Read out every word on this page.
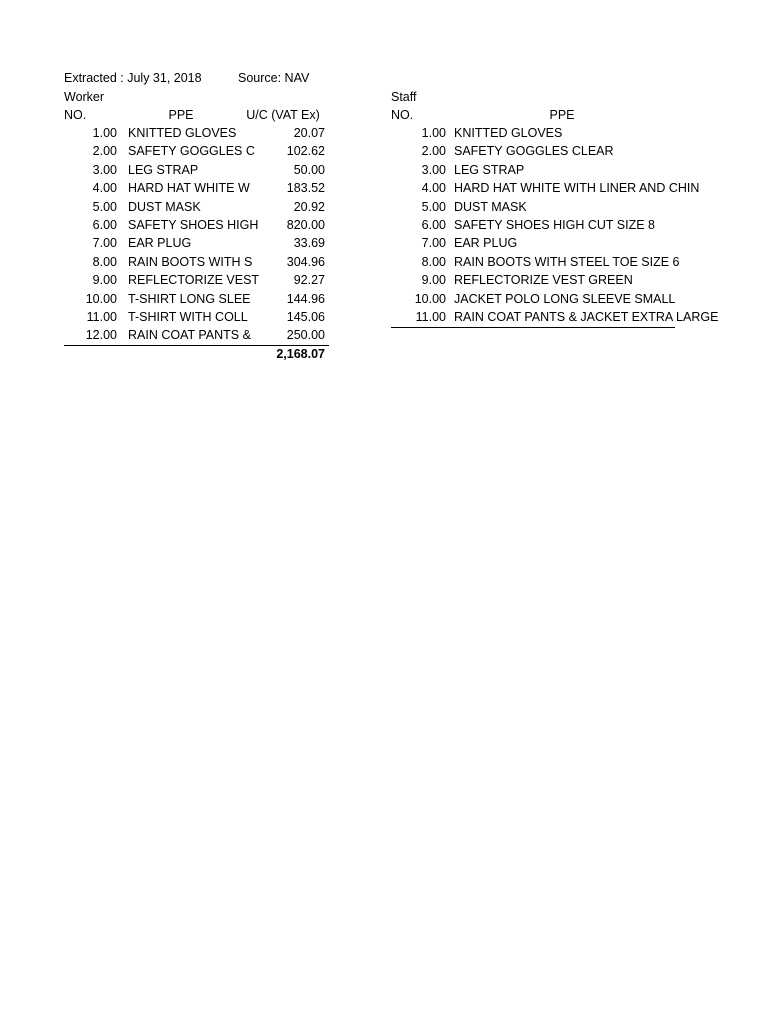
Extracted : July 31, 2018	Source: NAV
Worker
NO.	PPE	U/C (VAT Ex)
1.00 KNITTED GLOVES	20.07
2.00 SAFETY GOGGLES C	102.62
3.00 LEG STRAP	50.00
4.00 HARD HAT WHITE W	183.52
5.00 DUST MASK	20.92
6.00 SAFETY SHOES HIGH	820.00
7.00 EAR PLUG	33.69
8.00 RAIN BOOTS WITH S	304.96
9.00 REFLECTORIZE VEST	92.27
10.00 T-SHIRT LONG SLEE	144.96
11.00 T-SHIRT WITH COLL	145.06
12.00 RAIN COAT PANTS &	250.00
2,168.07
Staff
NO.	PPE
1.00 KNITTED GLOVES
2.00 SAFETY GOGGLES CLEAR
3.00 LEG STRAP
4.00 HARD HAT WHITE WITH LINER AND CHIN
5.00 DUST MASK
6.00 SAFETY SHOES HIGH CUT SIZE 8
7.00 EAR PLUG
8.00 RAIN BOOTS WITH STEEL TOE SIZE 6
9.00 REFLECTORIZE VEST GREEN
10.00 JACKET POLO LONG SLEEVE SMALL
11.00 RAIN COAT PANTS & JACKET EXTRA LARGE
